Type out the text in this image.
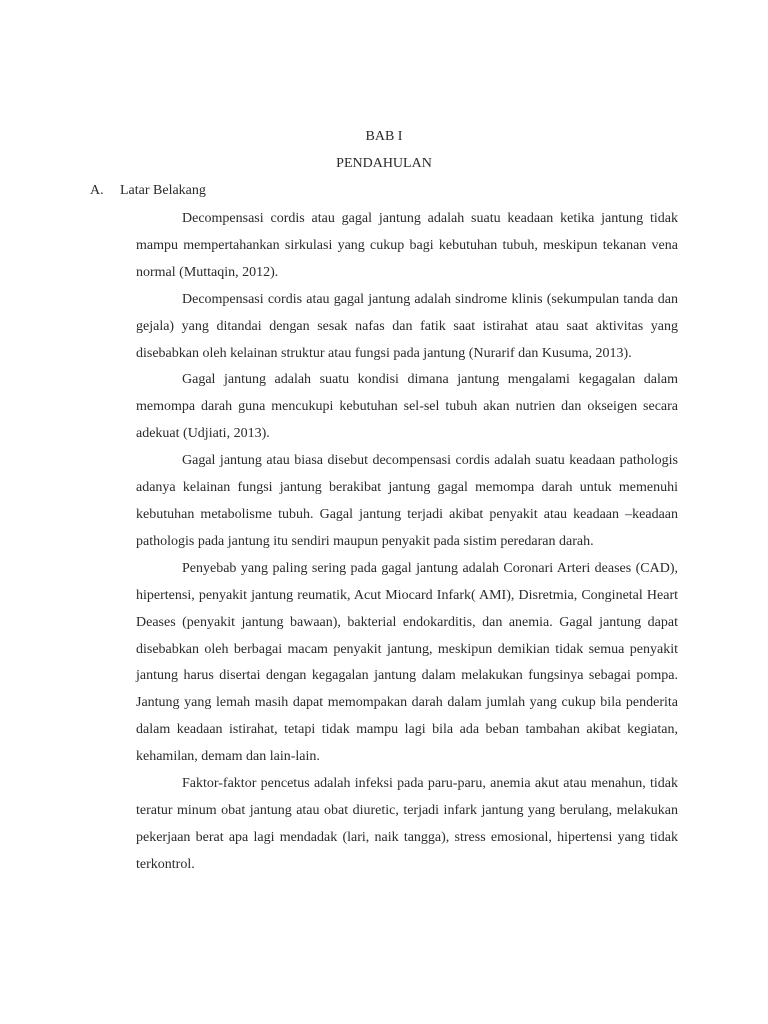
BAB I
PENDAHULAN
A. Latar Belakang

Decompensasi cordis atau gagal jantung adalah suatu keadaan ketika jantung tidak mampu mempertahankan sirkulasi yang cukup bagi kebutuhan tubuh, meskipun tekanan vena normal (Muttaqin, 2012).

Decompensasi cordis atau gagal jantung adalah sindrome klinis (sekumpulan tanda dan gejala) yang ditandai dengan sesak nafas dan fatik saat istirahat atau saat aktivitas yang disebabkan oleh kelainan struktur atau fungsi pada jantung (Nurarif dan Kusuma, 2013).

Gagal jantung adalah suatu kondisi dimana jantung mengalami kegagalan dalam memompa darah guna mencukupi kebutuhan sel-sel tubuh akan nutrien dan okseigen secara adekuat (Udjiati, 2013).

Gagal jantung atau biasa disebut decompensasi cordis adalah suatu keadaan pathologis adanya kelainan fungsi jantung berakibat jantung gagal memompa darah untuk memenuhi kebutuhan metabolisme tubuh. Gagal jantung terjadi akibat penyakit atau keadaan –keadaan pathologis pada jantung itu sendiri maupun penyakit pada sistim peredaran darah.

Penyebab yang paling sering pada gagal jantung adalah Coronari Arteri deases (CAD), hipertensi, penyakit jantung reumatik, Acut Miocard Infark( AMI), Disretmia, Conginetal Heart Deases (penyakit jantung bawaan), bakterial endokarditis, dan anemia. Gagal jantung dapat disebabkan oleh berbagai macam penyakit jantung, meskipun demikian tidak semua penyakit jantung harus disertai dengan kegagalan jantung dalam melakukan fungsinya sebagai pompa. Jantung yang lemah masih dapat memompakan darah dalam jumlah yang cukup bila penderita dalam keadaan istirahat, tetapi tidak mampu lagi bila ada beban tambahan akibat kegiatan, kehamilan, demam dan lain-lain.

Faktor-faktor pencetus adalah infeksi pada paru-paru, anemia akut atau menahun, tidak teratur minum obat jantung atau obat diuretic, terjadi infark jantung yang berulang, melakukan pekerjaan berat apa lagi mendadak (lari, naik tangga), stress emosional, hipertensi yang tidak terkontrol.
